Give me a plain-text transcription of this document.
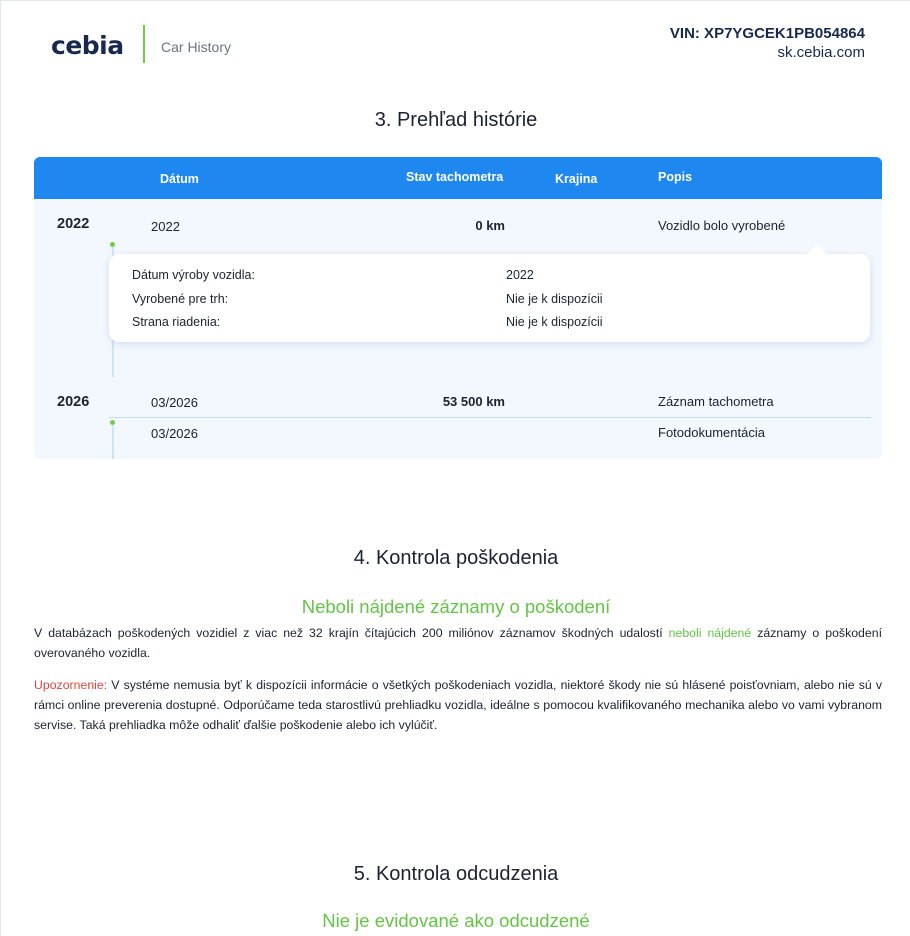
cebia	Car History
VIN: XP7YGCEK1PB054864
sk.cebia.com
3. Prehľad histórie
Dátum	Stav tachometra	Krajina	Popis
2022	2022	0 km	Vozidlo bolo vyrobené
Dátum výroby vozidla:	2022
Vyrobené pre trh:	Nie je k dispozícii
Strana riadenia:	Nie je k dispozícii
2026	03/2026	53 500 km	Záznam tachometra
03/2026	Fotodokumentácia
4. Kontrola poškodenia
Neboli nájdené záznamy o poškodení

V databázach poškodených vozidiel z viac než 32 krajín čítajúcich 200 miliónov záznamov škodných udalostí neboli nájdené záznamy o poškodení overovaného vozidla.

Upozornenie: V systéme nemusia byť k dispozícii informácie o všetkých poškodeniach vozidla, niektoré škody nie sú hlásené poisťovniam, alebo nie sú v rámci online preverenia dostupné. Odporúčame teda starostlivú prehliadku vozidla, ideálne s pomocou kvalifikovaného mechanika alebo vo vami vybranom servise. Taká prehliadka môže odhaliť ďalšie poškodenie alebo ich vylúčiť.

5. Kontrola odcudzenia
Nie je evidované ako odcudzené
